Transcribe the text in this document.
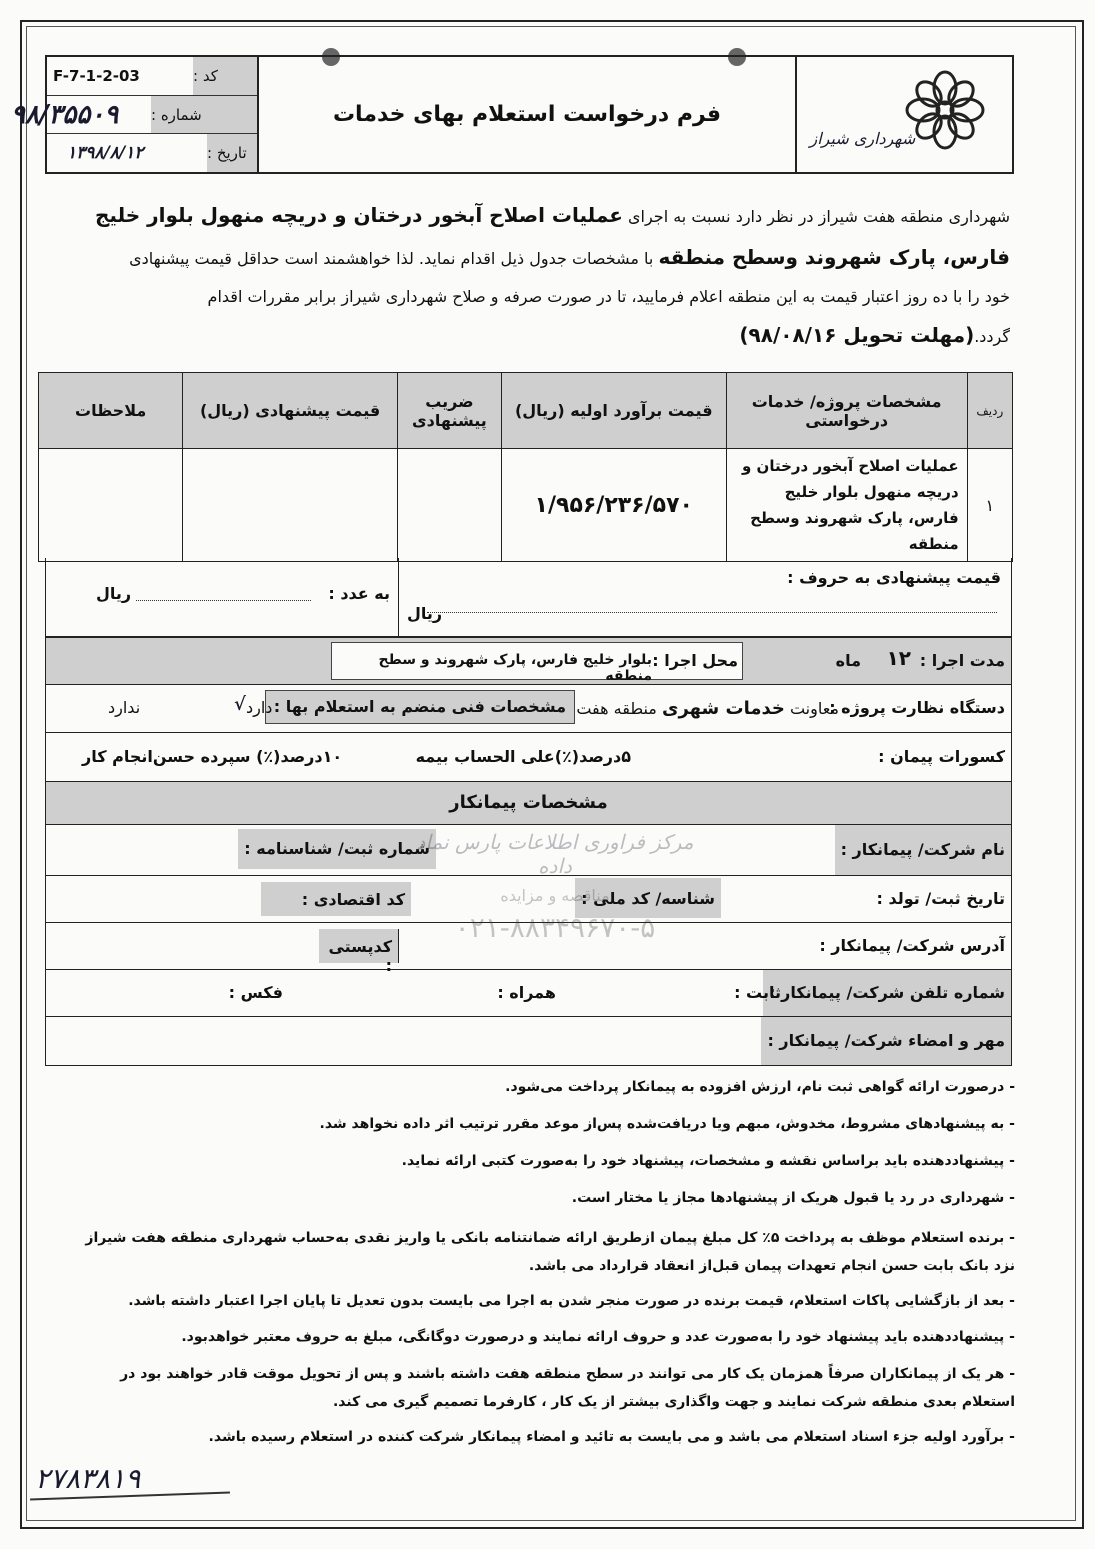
F-7-1-2-03	کد :
۹۸/۳۵۵۰۹	شماره :
۱۳۹۸/۸/۱۲	تاریخ :
فرم درخواست استعلام بهای خدمات
شهرداری شیراز
شهرداری منطقه هفت شیراز در نظر دارد نسبت به اجرای عملیات اصلاح آبخور درختان و دریچه منهول بلوار خلیج
فارس، پارک شهروند وسطح منطقه با مشخصات جدول ذیل اقدام نماید. لذا خواهشمند است حداقل قیمت پیشنهادی
خود را با ده روز اعتبار قیمت به این منطقه اعلام فرمایید، تا در صورت صرفه و صلاح شهرداری شیراز برابر مقررات اقدام
گردد.(مهلت تحویل ۹۸/۰۸/۱۶)
ردیف	مشخصات پروژه/ خدمات درخواستی	قیمت برآورد اولیه (ریال)	ضریب پیشنهادی	قیمت پیشنهادی (ریال)	ملاحظات
۱	عملیات اصلاح آبخور درختان و دریچه منهول بلوار خلیج فارس، پارک شهروند وسطح منطقه	۱/۹۵۶/۲۳۶/۵۷۰			
قیمت پیشنهادی به حروف :
ریال
به عدد :
ریال
مدت اجرا :
۱۲
ماه
محل اجرا :
بلوار خلیج فارس، پارک شهروند و سطح منطقه
دستگاه نظارت پروژه :
معاونت خدمات شهری منطقه هفت
مشخصات فنی منضم به استعلام بها :
دارد
√
ندارد
کسورات پیمان :
۵درصد(٪)علی الحساب بیمه
۱۰درصد(٪) سپرده حسن‌انجام کار
مشخصات پیمانکار
نام شرکت/ پیمانکار :
شماره ثبت/ شناسنامه :
تاریخ ثبت/ تولد :
شناسه/ کد ملی :
کد اقتصادی :
آدرس شرکت/ پیمانکار :
کدپستی :
شماره تلفن شرکت/ پیمانکار :
ثابت :
همراه :
فکس :
مهر و امضاء شرکت/ پیمانکار :
مرکز فراوری اطلاعات پارس نماد داده
مناقصه و مزایده
۰۲۱-۸۸۳۴۹۶۷۰-۵
- درصورت ارائه گواهی ثبت نام، ارزش افزوده به پیمانکار پرداخت می‌شود.
- به پیشنهادهای مشروط، مخدوش، مبهم ویا دریافت‌شده پس‌از موعد مقرر ترتیب اثر داده نخواهد شد.
- پیشنهاددهنده باید براساس نقشه و مشخصات، پیشنهاد خود را به‌صورت کتبی ارائه نماید.
- شهرداری در رد یا قبول هریک از پیشنهادها مجاز یا مختار است.
- برنده استعلام موظف به پرداخت ۵٪ کل مبلغ پیمان ازطریق ارائه ضمانتنامه بانکی یا واریز نقدی به‌حساب شهرداری منطقه هفت شیراز نزد بانک بابت حسن انجام تعهدات پیمان قبل‌از انعقاد قرارداد می باشد.
- بعد از بازگشایی پاکات استعلام، قیمت برنده در صورت منجر شدن به اجرا می بایست بدون تعدیل تا پایان اجرا اعتبار داشته باشد.
- پیشنهاددهنده باید پیشنهاد خود را به‌صورت عدد و حروف ارائه نمایند و درصورت دوگانگی، مبلغ به حروف معتبر خواهدبود.
- هر یک از پیمانکاران صرفاً همزمان یک کار می توانند در سطح منطقه هفت داشته باشند و پس از تحویل موقت قادر خواهند بود در استعلام بعدی منطقه شرکت نمایند و جهت واگذاری بیشتر از یک کار ، کارفرما تصمیم گیری می کند.
- برآورد اولیه جزء اسناد استعلام می باشد و می بایست به تائید و امضاء پیمانکار شرکت کننده در استعلام رسیده باشد.
۲۷۸۳۸۱۹
